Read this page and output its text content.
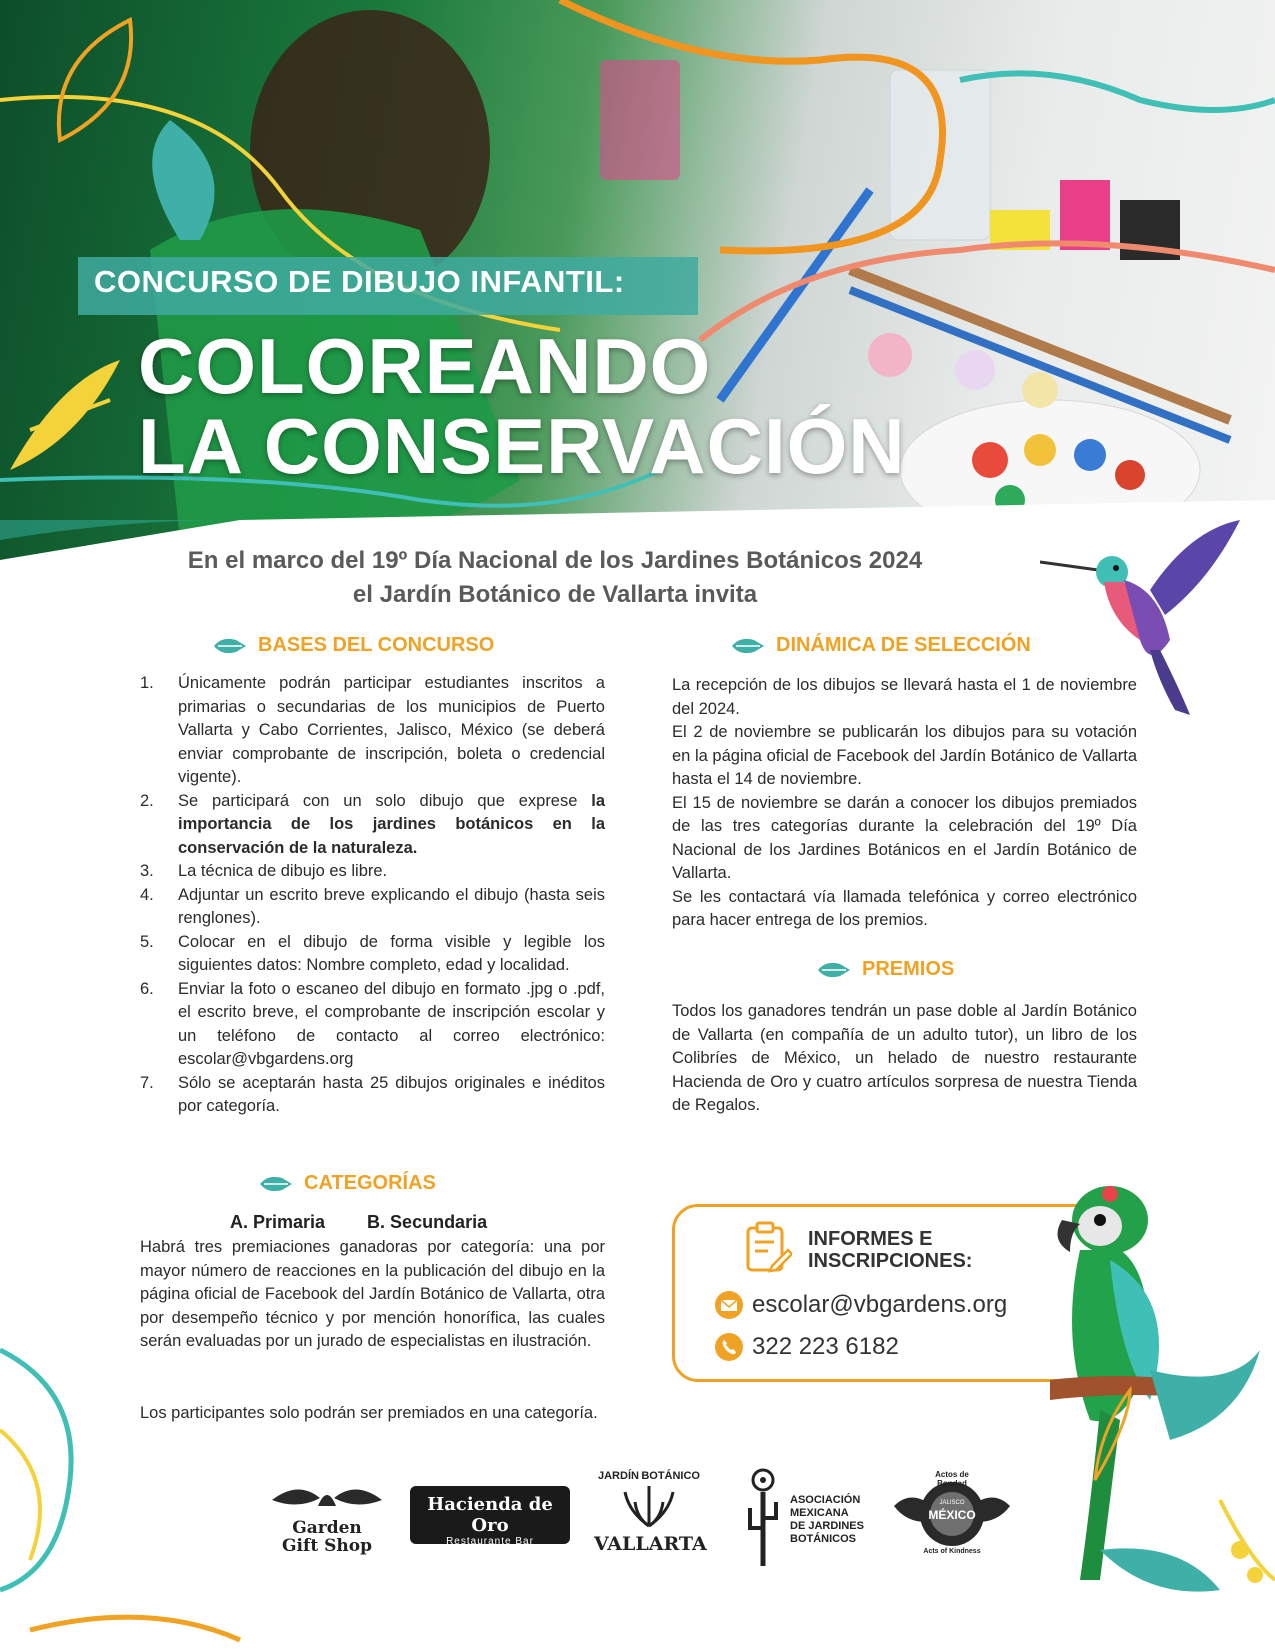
CONCURSO DE DIBUJO INFANTIL:
COLOREANDO
LA CONSERVACIÓN
En el marco del 19º Día Nacional de los Jardines Botánicos 2024
el Jardín Botánico de Vallarta invita
BASES DEL CONCURSO
1. Únicamente podrán participar estudiantes inscritos a primarias o secundarias de los municipios de Puerto Vallarta y Cabo Corrientes, Jalisco, México (se deberá enviar comprobante de inscripción, boleta o credencial vigente).
2. Se participará con un solo dibujo que exprese la importancia de los jardines botánicos en la conservación de la naturaleza.
3. La técnica de dibujo es libre.
4. Adjuntar un escrito breve explicando el dibujo (hasta seis renglones).
5. Colocar en el dibujo de forma visible y legible los siguientes datos: Nombre completo, edad y localidad.
6. Enviar la foto o escaneo del dibujo en formato .jpg o .pdf, el escrito breve, el comprobante de inscripción escolar y un teléfono de contacto al correo electrónico: escolar@vbgardens.org
7. Sólo se aceptarán hasta 25 dibujos originales e inéditos por categoría.
CATEGORÍAS
A. Primaria B. Secundaria
Habrá tres premiaciones ganadoras por categoría: una por mayor número de reacciones en la publicación del dibujo en la página oficial de Facebook del Jardín Botánico de Vallarta, otra por desempeño técnico y por mención honorífica, las cuales serán evaluadas por un jurado de especialistas en ilustración.
Los participantes solo podrán ser premiados en una categoría.
DINÁMICA DE SELECCIÓN
La recepción de los dibujos se llevará hasta el 1 de noviembre del 2024.
El 2 de noviembre se publicarán los dibujos para su votación en la página oficial de Facebook del Jardín Botánico de Vallarta hasta el 14 de noviembre.
El 15 de noviembre se darán a conocer los dibujos premiados de las tres categorías durante la celebración del 19º Día Nacional de los Jardines Botánicos en el Jardín Botánico de Vallarta.
Se les contactará vía llamada telefónica y correo electrónico para hacer entrega de los premios.
PREMIOS
Todos los ganadores tendrán un pase doble al Jardín Botánico de Vallarta (en compañía de un adulto tutor), un libro de los Colibríes de México, un helado de nuestro restaurante Hacienda de Oro y cuatro artículos sorpresa de nuestra Tienda de Regalos.
INFORMES E
INSCRIPCIONES:
escolar@vbgardens.org
322 223 6182
Garden
Gift Shop
Hacienda de Oro
Restaurante Bar
VBG
JARDÍN BOTÁNICO
VALLARTA
ASOCIACIÓN
MEXICANA
DE JARDINES
BOTÁNICOS
Actos de Bondad
JALISCO
MÉXICO
Acts of Kindness
